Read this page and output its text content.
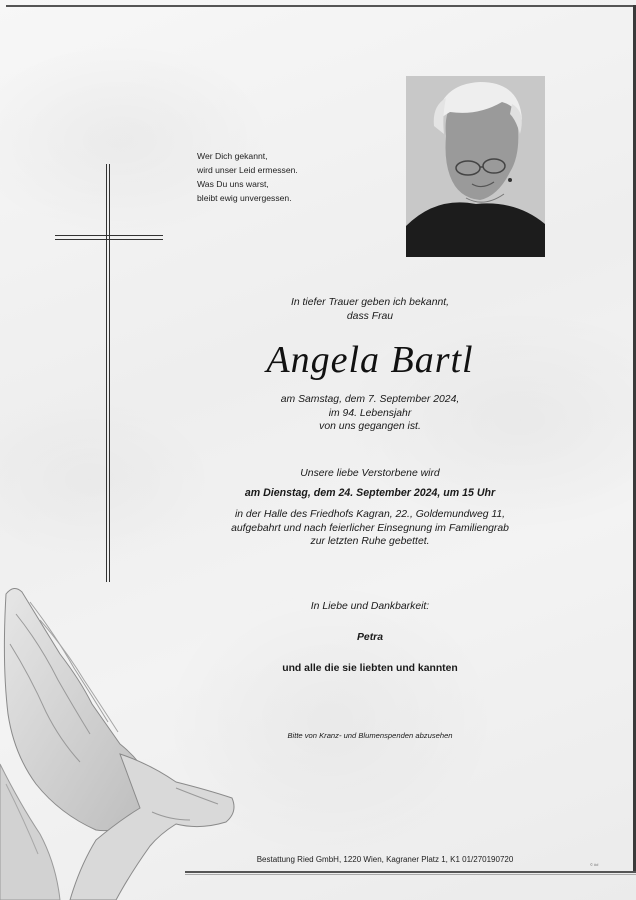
Wer Dich gekannt,
wird unser Leid ermessen.
Was Du uns warst,
bleibt ewig unvergessen.
In tiefer Trauer geben ich bekannt,
dass Frau
Angela Bartl
am Samstag, dem 7. September 2024,
im 94. Lebensjahr
von uns gegangen ist.
Unsere liebe Verstorbene wird
am Dienstag, dem 24. September 2024, um 15 Uhr
in der Halle des Friedhofs Kagran, 22., Goldemundweg 11,
aufgebahrt und nach feierlicher Einsegnung im Familiengrab
zur letzten Ruhe gebettet.
In Liebe und Dankbarkeit:
Petra
und alle die sie liebten und kannten
Bitte von Kranz- und Blumenspenden abzusehen
Bestattung Ried GmbH, 1220 Wien, Kagraner Platz 1, K1 01/270190720
© ##
